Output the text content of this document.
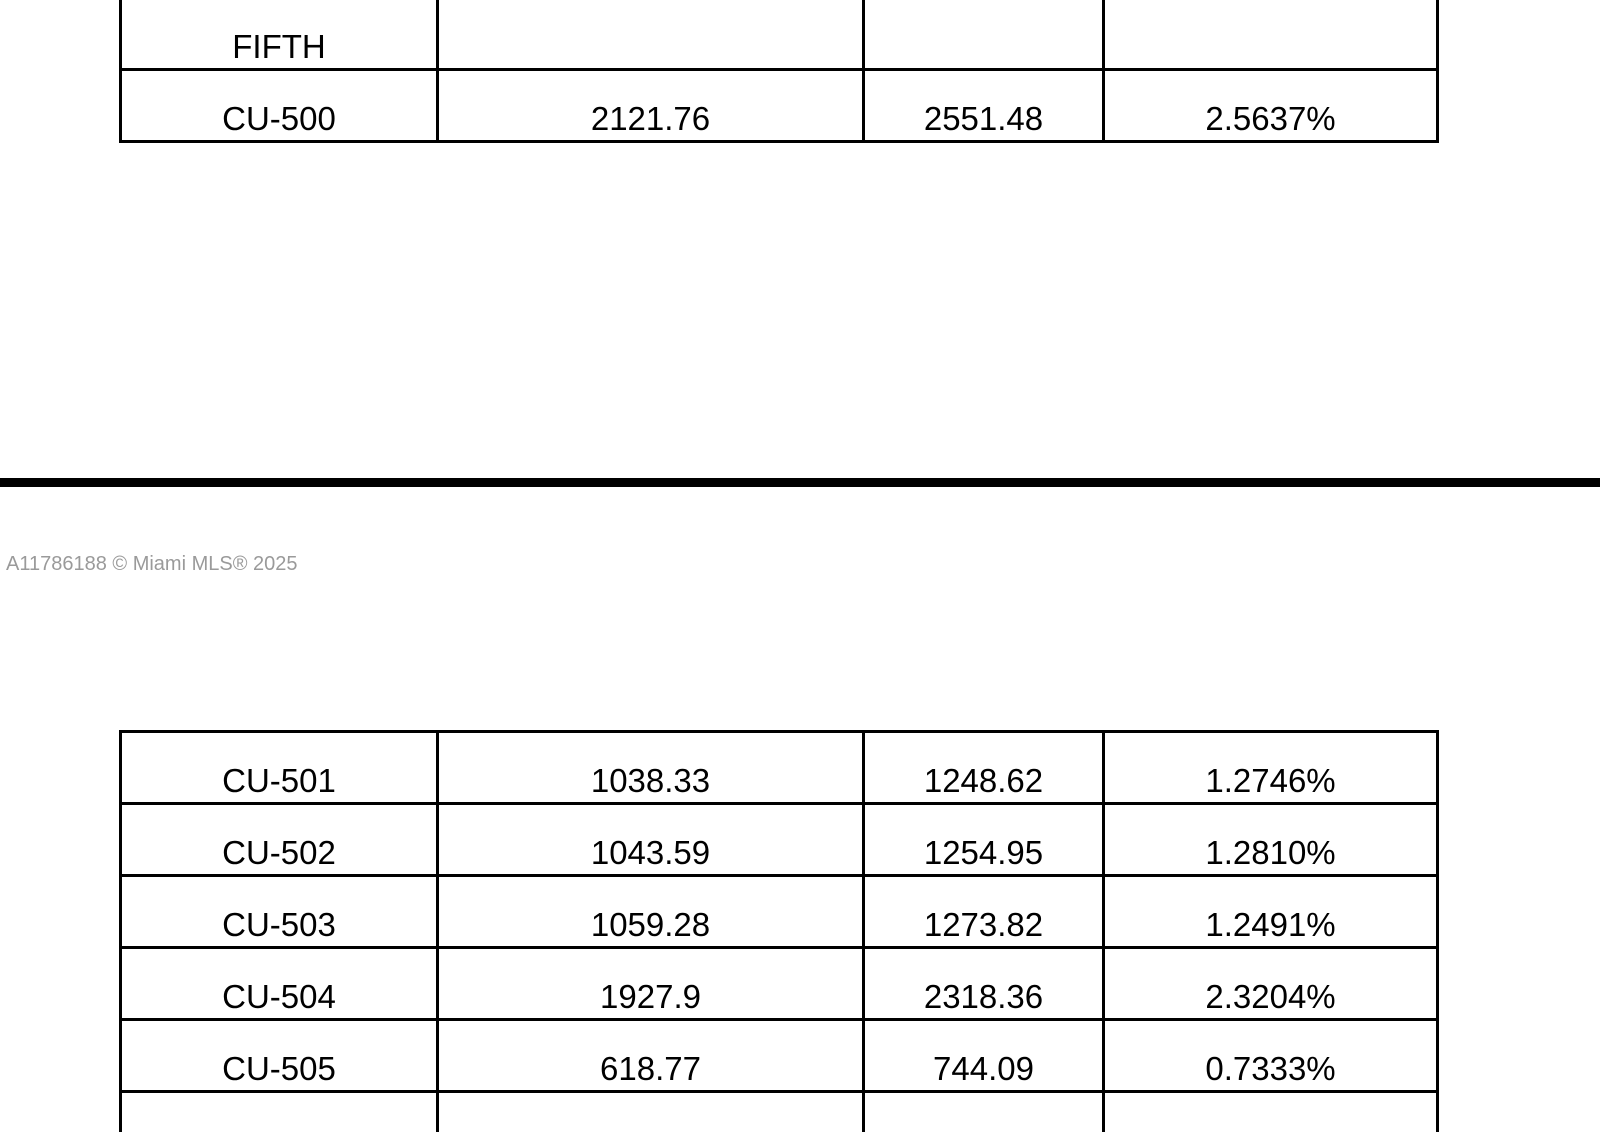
FIFTH			
CU-500	2121.76	2551.48	2.5637%
A11786188 © Miami MLS® 2025
CU-501	1038.33	1248.62	1.2746%
CU-502	1043.59	1254.95	1.2810%
CU-503	1059.28	1273.82	1.2491%
CU-504	1927.9	2318.36	2.3204%
CU-505	618.77	744.09	0.7333%
